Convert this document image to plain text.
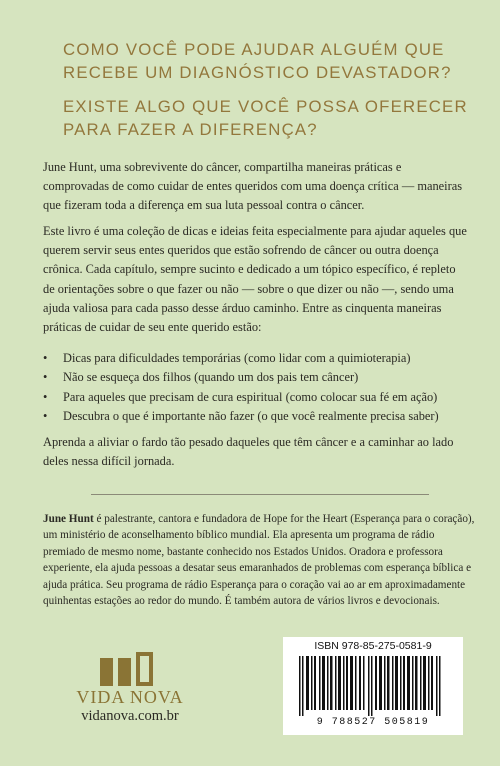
COMO VOCÊ PODE AJUDAR ALGUÉM QUE
RECEBE UM DIAGNÓSTICO DEVASTADOR?
EXISTE ALGO QUE VOCÊ POSSA OFERECER
PARA FAZER A DIFERENÇA?

June Hunt, uma sobrevivente do câncer, compartilha maneiras práticas e comprovadas de como cuidar de entes queridos com uma doença crítica — maneiras que fizeram toda a diferença em sua luta pessoal contra o câncer.

Este livro é uma coleção de dicas e ideias feita especialmente para ajudar aqueles que querem servir seus entes queridos que estão sofrendo de câncer ou outra doença crônica. Cada capítulo, sempre sucinto e dedicado a um tópico específico, é repleto de orientações sobre o que fazer ou não — sobre o que dizer ou não —, sendo uma ajuda valiosa para cada passo desse árduo caminho. Entre as cinquenta maneiras práticas de cuidar de seu ente querido estão:

• Dicas para dificuldades temporárias (como lidar com a quimioterapia)
• Não se esqueça dos filhos (quando um dos pais tem câncer)
• Para aqueles que precisam de cura espiritual (como colocar sua fé em ação)
• Descubra o que é importante não fazer (o que você realmente precisa saber)

Aprenda a aliviar o fardo tão pesado daqueles que têm câncer e a caminhar ao lado deles nessa difícil jornada.

June Hunt é palestrante, cantora e fundadora de Hope for the Heart (Esperança para o coração), um ministério de aconselhamento bíblico mundial. Ela apresenta um programa de rádio premiado de mesmo nome, bastante conhecido nos Estados Unidos. Oradora e professora experiente, ela ajuda pessoas a desatar seus emaranhados de problemas com esperança bíblica e ajuda prática. Seu programa de rádio Esperança para o coração vai ao ar em aproximadamente quinhentas estações ao redor do mundo. É também autora de vários livros e devocionais.

VIDA NOVA
vidanova.com.br
ISBN 978-85-275-0581-9
9 788527 505819
